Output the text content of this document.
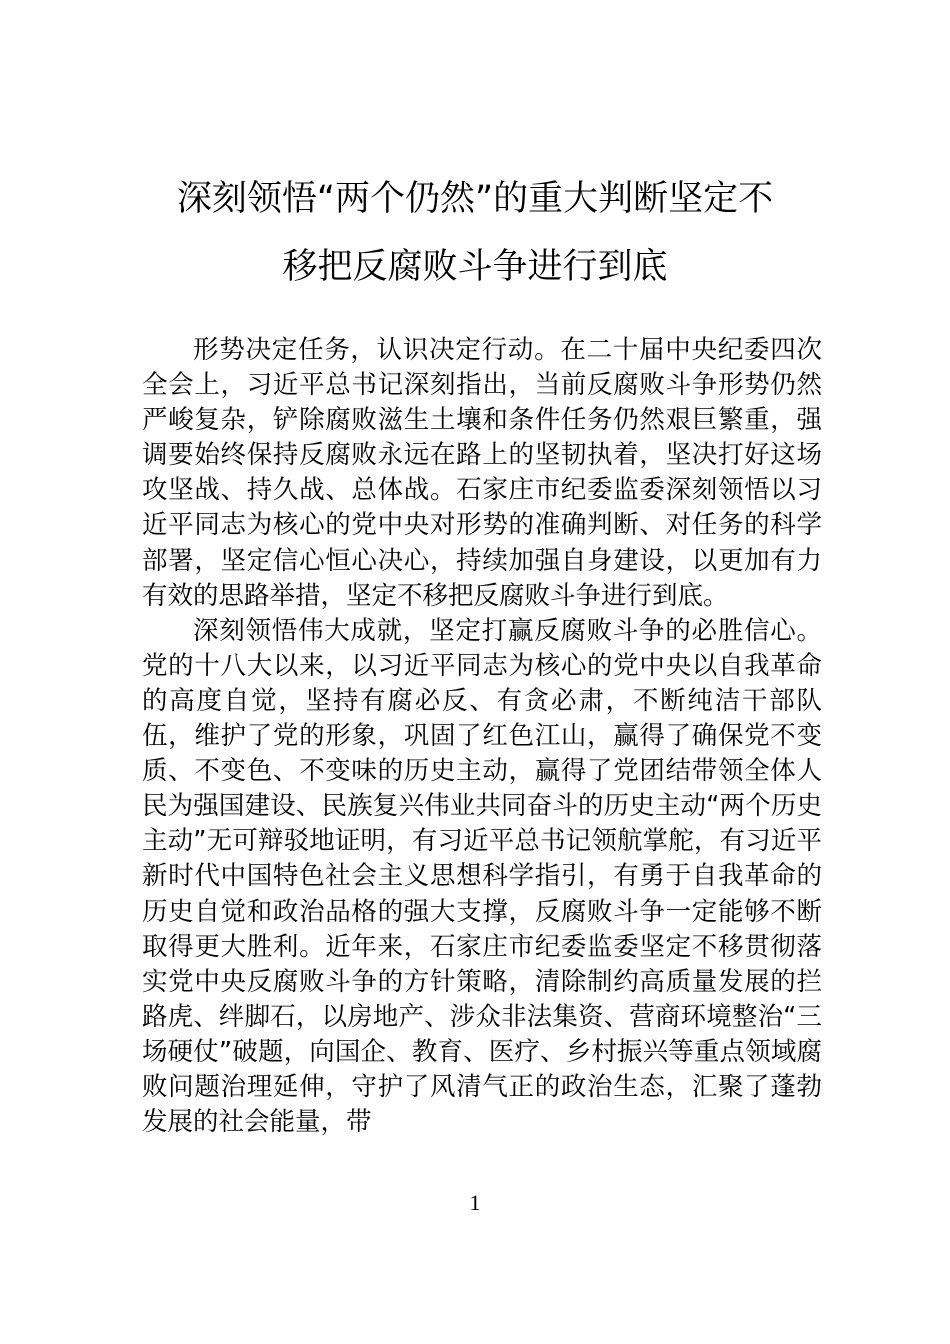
深刻领悟“两个仍然”的重大判断坚定不
移把反腐败斗争进行到底

形势决定任务，认识决定行动。在二十届中央纪委四次全会上，习近平总书记深刻指出，当前反腐败斗争形势仍然严峻复杂，铲除腐败滋生土壤和条件任务仍然艰巨繁重，强调要始终保持反腐败永远在路上的坚韧执着，坚决打好这场攻坚战、持久战、总体战。石家庄市纪委监委深刻领悟以习近平同志为核心的党中央对形势的准确判断、对任务的科学部署，坚定信心恒心决心，持续加强自身建设，以更加有力有效的思路举措，坚定不移把反腐败斗争进行到底。

深刻领悟伟大成就，坚定打赢反腐败斗争的必胜信心。党的十八大以来，以习近平同志为核心的党中央以自我革命的高度自觉，坚持有腐必反、有贪必肃，不断纯洁干部队伍，维护了党的形象，巩固了红色江山，赢得了确保党不变质、不变色、不变味的历史主动，赢得了党团结带领全体人民为强国建设、民族复兴伟业共同奋斗的历史主动“两个历史主动”无可辩驳地证明，有习近平总书记领航掌舵，有习近平新时代中国特色社会主义思想科学指引，有勇于自我革命的历史自觉和政治品格的强大支撑，反腐败斗争一定能够不断取得更大胜利。近年来，石家庄市纪委监委坚定不移贯彻落实党中央反腐败斗争的方针策略，清除制约高质量发展的拦路虎、绊脚石，以房地产、涉众非法集资、营商环境整治“三场硬仗”破题，向国企、教育、医疗、乡村振兴等重点领域腐败问题治理延伸，守护了风清气正的政治生态，汇聚了蓬勃发展的社会能量，带

1
